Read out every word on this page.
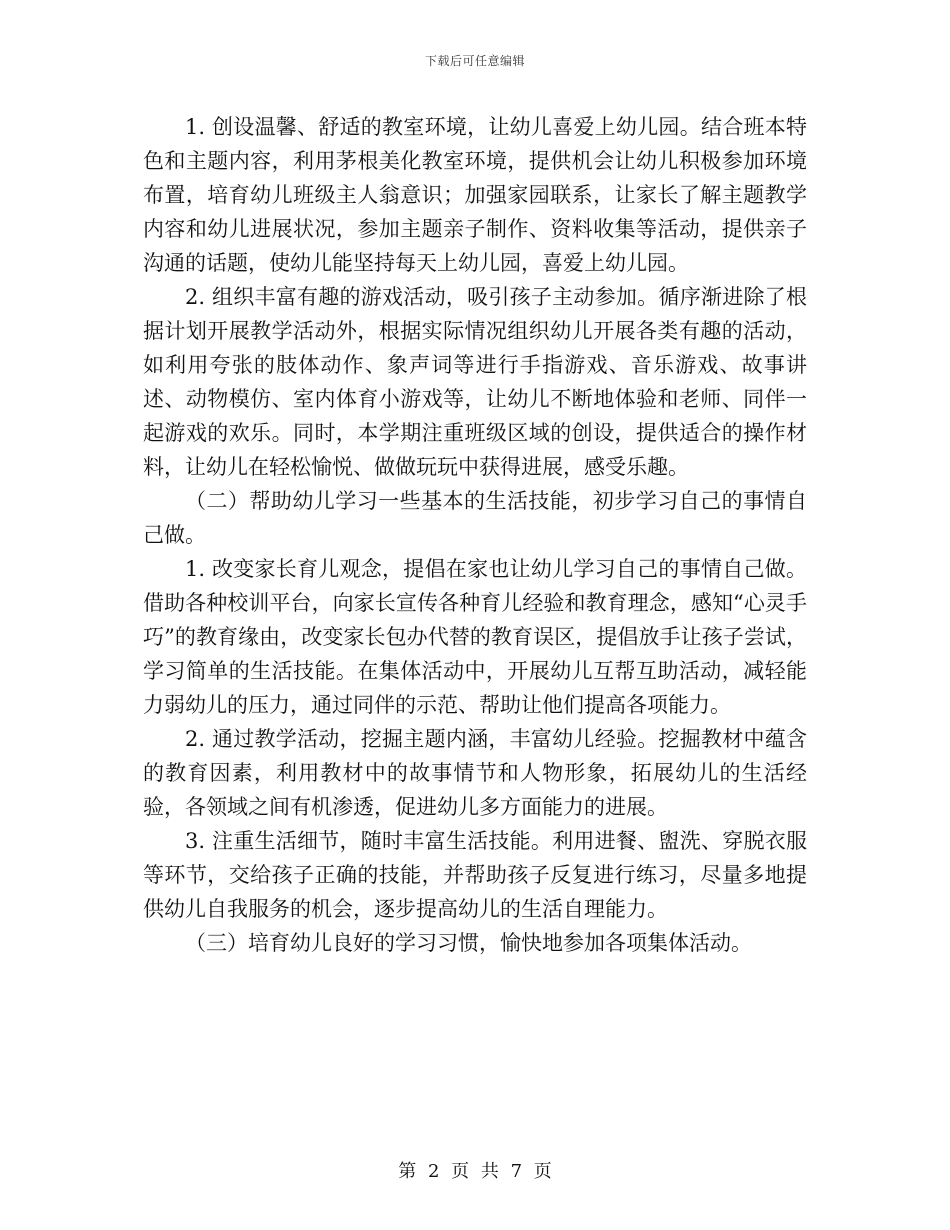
下载后可任意编辑

1. 创设温馨、舒适的教室环境，让幼儿喜爱上幼儿园。结合班本特色和主题内容，利用茅根美化教室环境，提供机会让幼儿积极参加环境布置，培育幼儿班级主人翁意识；加强家园联系，让家长了解主题教学内容和幼儿进展状况，参加主题亲子制作、资料收集等活动，提供亲子沟通的话题，使幼儿能坚持每天上幼儿园，喜爱上幼儿园。

2. 组织丰富有趣的游戏活动，吸引孩子主动参加。循序渐进除了根据计划开展教学活动外，根据实际情况组织幼儿开展各类有趣的活动，如利用夸张的肢体动作、象声词等进行手指游戏、音乐游戏、故事讲述、动物模仿、室内体育小游戏等，让幼儿不断地体验和老师、同伴一起游戏的欢乐。同时，本学期注重班级区域的创设，提供适合的操作材料，让幼儿在轻松愉悦、做做玩玩中获得进展，感受乐趣。

（二）帮助幼儿学习一些基本的生活技能，初步学习自己的事情自己做。

1. 改变家长育儿观念，提倡在家也让幼儿学习自己的事情自己做。借助各种校训平台，向家长宣传各种育儿经验和教育理念，感知“心灵手巧”的教育缘由，改变家长包办代替的教育误区，提倡放手让孩子尝试，学习简单的生活技能。在集体活动中，开展幼儿互帮互助活动，减轻能力弱幼儿的压力，通过同伴的示范、帮助让他们提高各项能力。

2. 通过教学活动，挖掘主题内涵，丰富幼儿经验。挖掘教材中蕴含的教育因素，利用教材中的故事情节和人物形象，拓展幼儿的生活经验，各领域之间有机渗透，促进幼儿多方面能力的进展。

3. 注重生活细节，随时丰富生活技能。利用进餐、盥洗、穿脱衣服等环节，交给孩子正确的技能，并帮助孩子反复进行练习，尽量多地提供幼儿自我服务的机会，逐步提高幼儿的生活自理能力。

（三）培育幼儿良好的学习习惯，愉快地参加各项集体活动。

第 2 页 共 7 页
